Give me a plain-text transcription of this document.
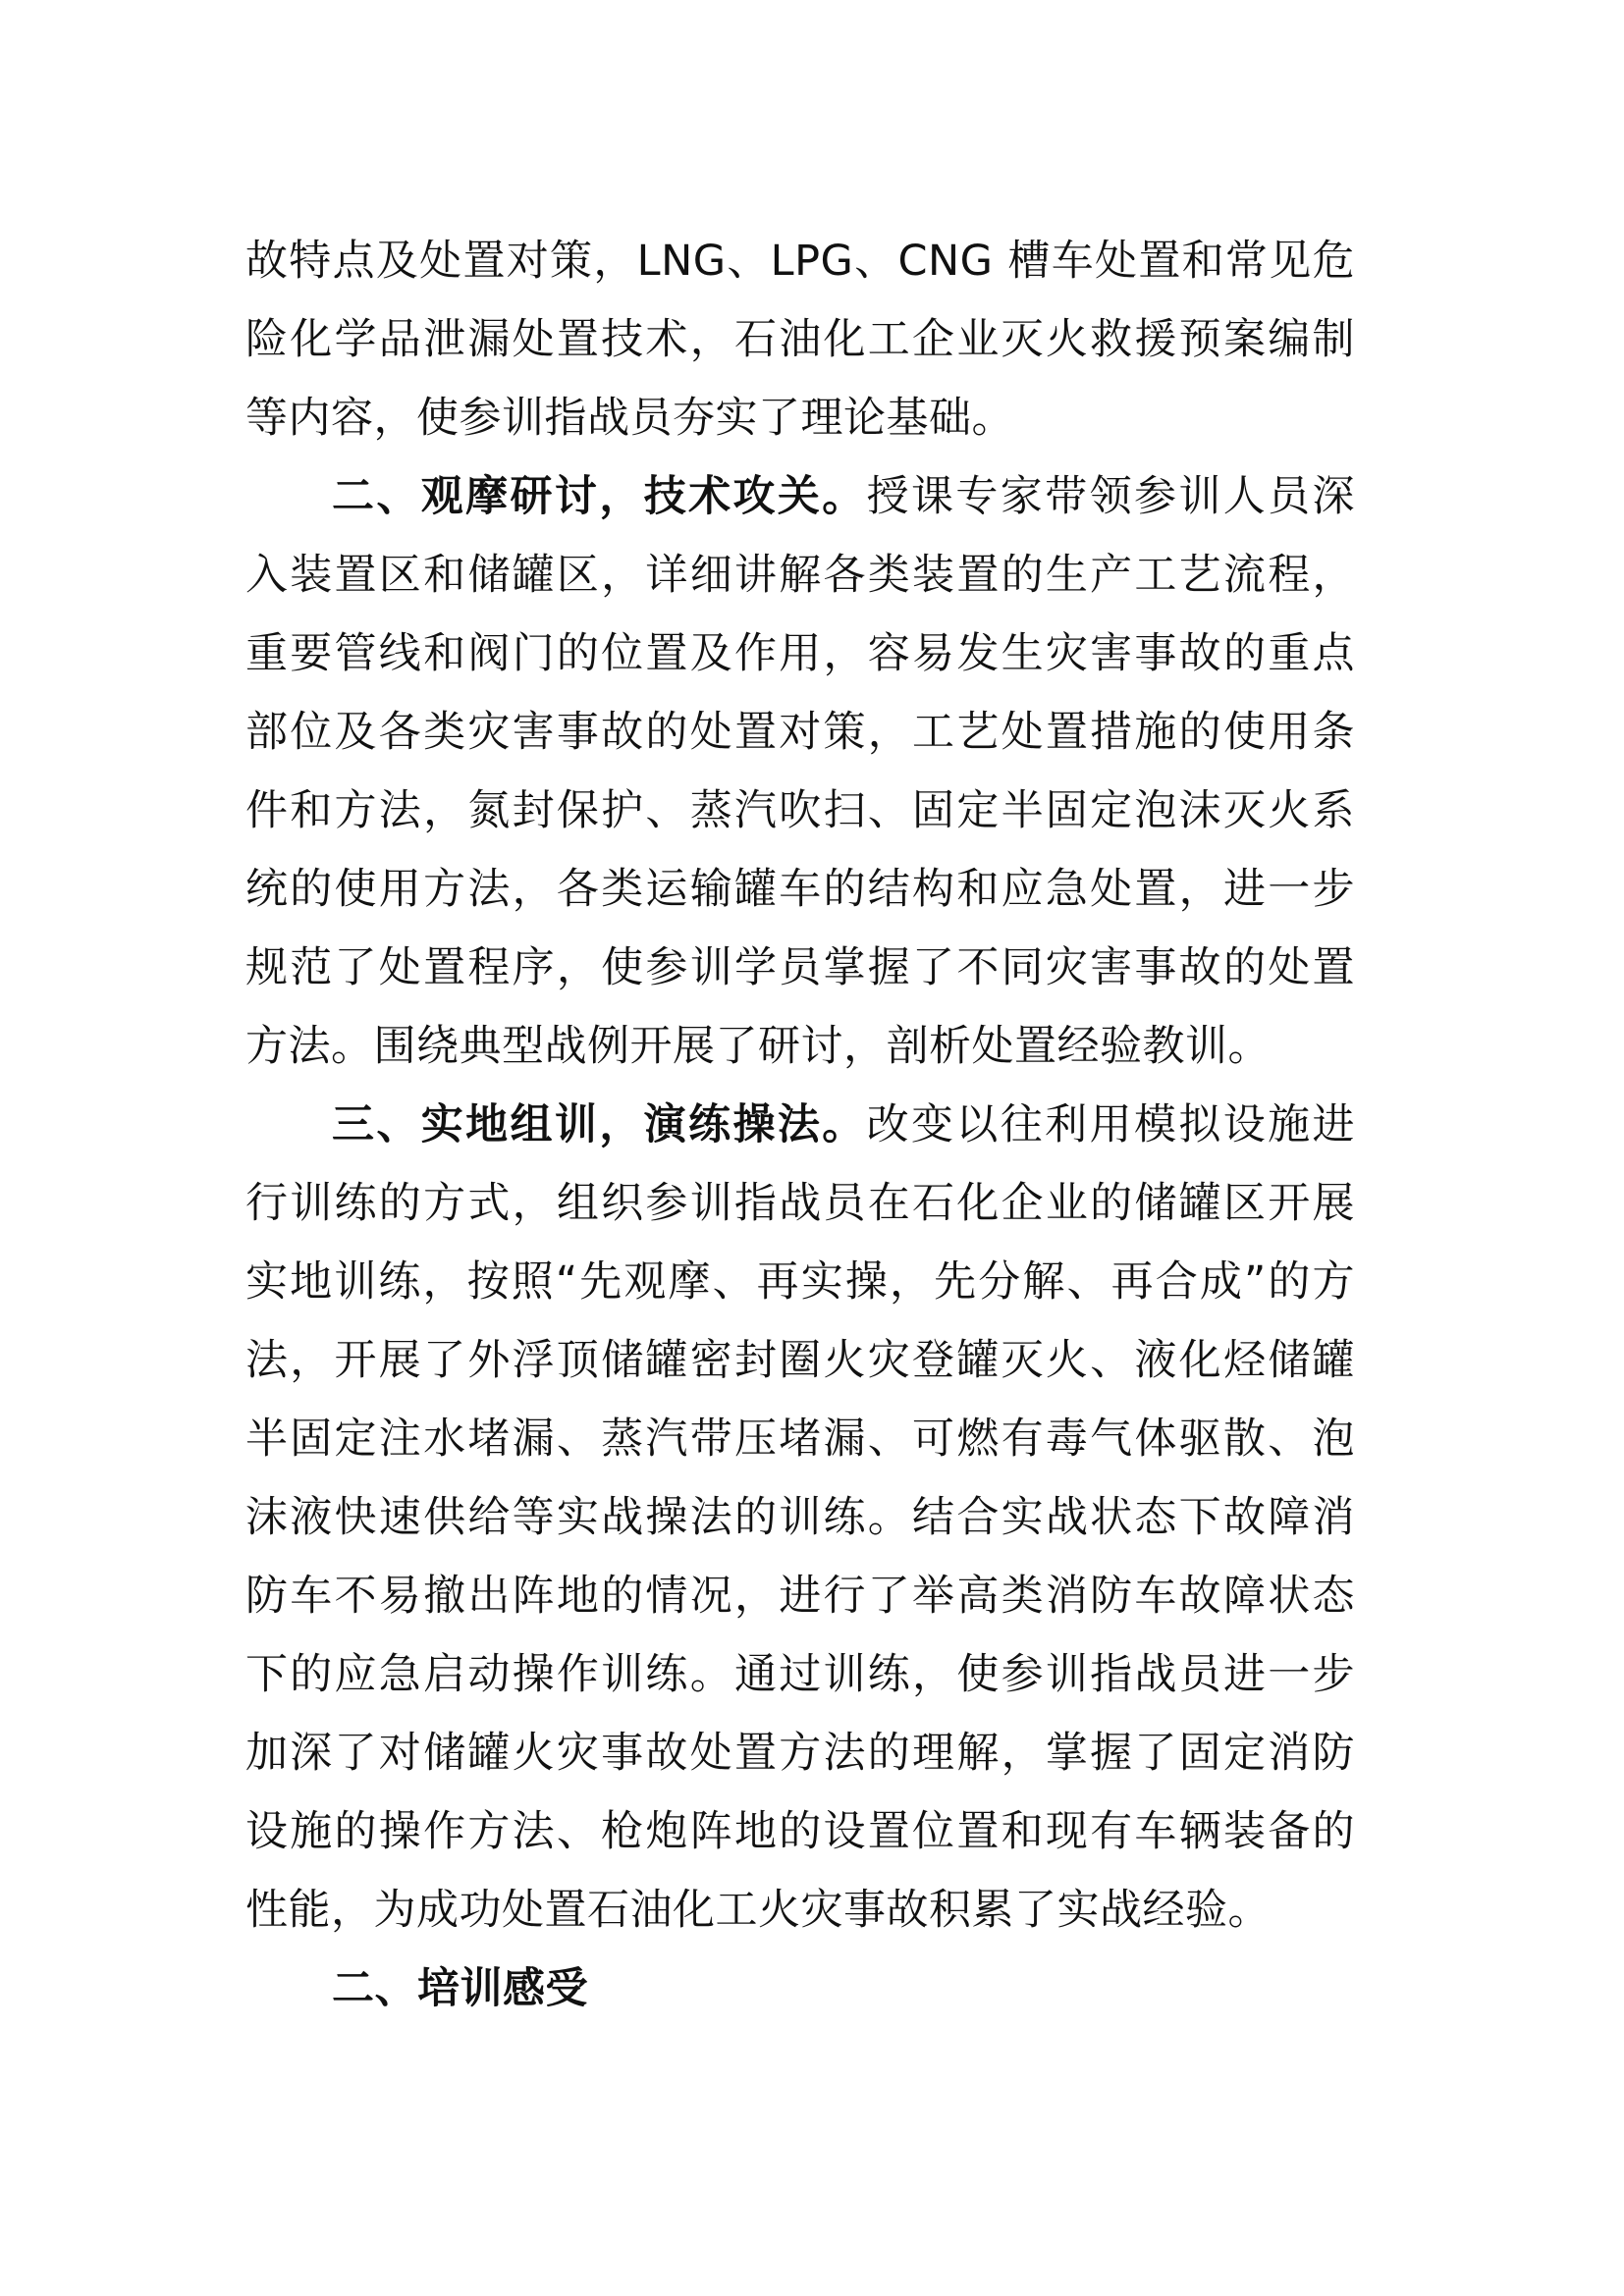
故特点及处置对策，LNG、LPG、CNG 槽车处置和常见危险化学品泄漏处置技术，石油化工企业灭火救援预案编制等内容，使参训指战员夯实了理论基础。

二、观摩研讨，技术攻关。授课专家带领参训人员深入装置区和储罐区，详细讲解各类装置的生产工艺流程，重要管线和阀门的位置及作用，容易发生灾害事故的重点部位及各类灾害事故的处置对策，工艺处置措施的使用条件和方法，氮封保护、蒸汽吹扫、固定半固定泡沫灭火系统的使用方法，各类运输罐车的结构和应急处置，进一步规范了处置程序，使参训学员掌握了不同灾害事故的处置方法。围绕典型战例开展了研讨，剖析处置经验教训。

三、实地组训，演练操法。改变以往利用模拟设施进行训练的方式，组织参训指战员在石化企业的储罐区开展实地训练，按照“先观摩、再实操，先分解、再合成”的方法，开展了外浮顶储罐密封圈火灾登罐灭火、液化烃储罐半固定注水堵漏、蒸汽带压堵漏、可燃有毒气体驱散、泡沫液快速供给等实战操法的训练。结合实战状态下故障消防车不易撤出阵地的情况，进行了举高类消防车故障状态下的应急启动操作训练。通过训练，使参训指战员进一步加深了对储罐火灾事故处置方法的理解，掌握了固定消防设施的操作方法、枪炮阵地的设置位置和现有车辆装备的性能，为成功处置石油化工火灾事故积累了实战经验。

二、培训感受
